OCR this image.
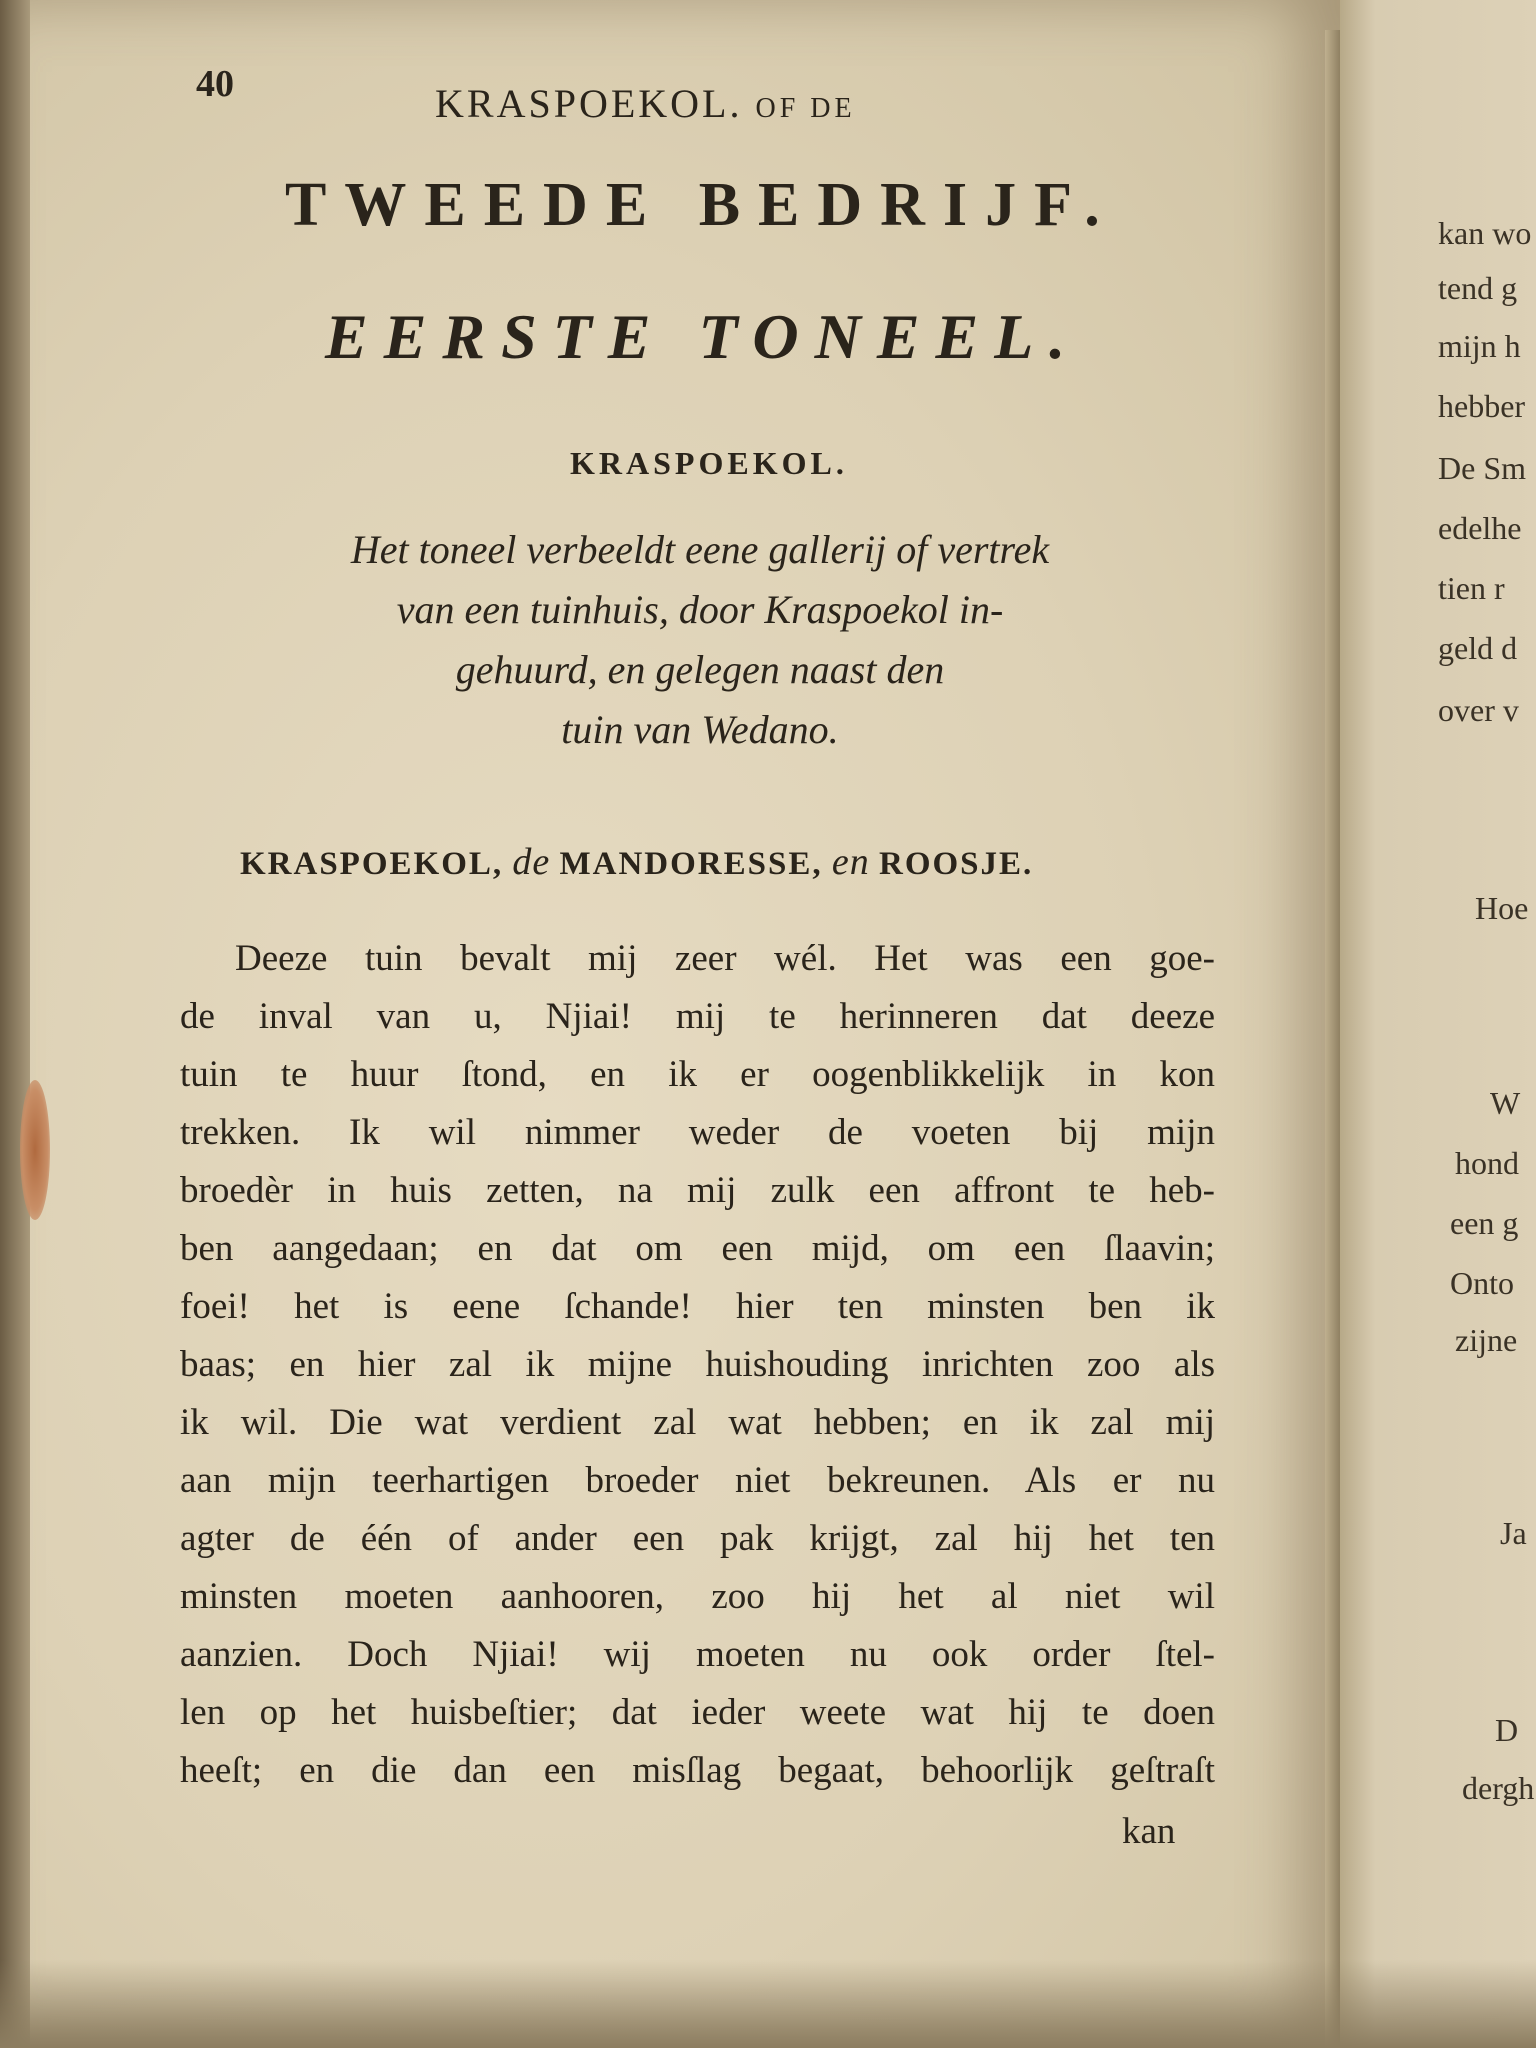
40	KRASPOEKOL. OF DE
TWEEDE BEDRIJF.
EERSTE TONEEL.
KRASPOEKOL.
Het toneel verbeeldt eene gallerij of vertrek
van een tuinhuis, door Kraspoekol in-
gehuurd, en gelegen naast den
tuin van Wedano.
KRASPOEKOL, de MANDORESSE, en ROOSJE.
Deeze tuin bevalt mij zeer wél. Het was een goe-
de inval van u, Njiai! mij te herinneren dat deeze
tuin te huur ſtond, en ik er oogenblikkelijk in kon
trekken. Ik wil nimmer weder de voeten bij mijn
broedèr in huis zetten, na mij zulk een affront te heb-
ben aangedaan; en dat om een mijd, om een ſlaavin;
foei! het is eene ſchande! hier ten minsten ben ik
baas; en hier zal ik mijne huishouding inrichten zoo als
ik wil. Die wat verdient zal wat hebben; en ik zal mij
aan mijn teerhartigen broeder niet bekreunen. Als er nu
agter de één of ander een pak krijgt, zal hij het ten
minsten moeten aanhooren, zoo hij het al niet wil
aanzien. Doch Njiai! wij moeten nu ook order ſtel-
len op het huisbeſtier; dat ieder weete wat hij te doen
heeſt; en die dan een misſlag begaat, behoorlijk geſtraſt
kan
kan wo
tend g
mijn h
hebber
De Sm
edelhe
tien r
geld d
over v
Hoe
W
hond
een g
Onto
zijne
Ja
D
dergh
